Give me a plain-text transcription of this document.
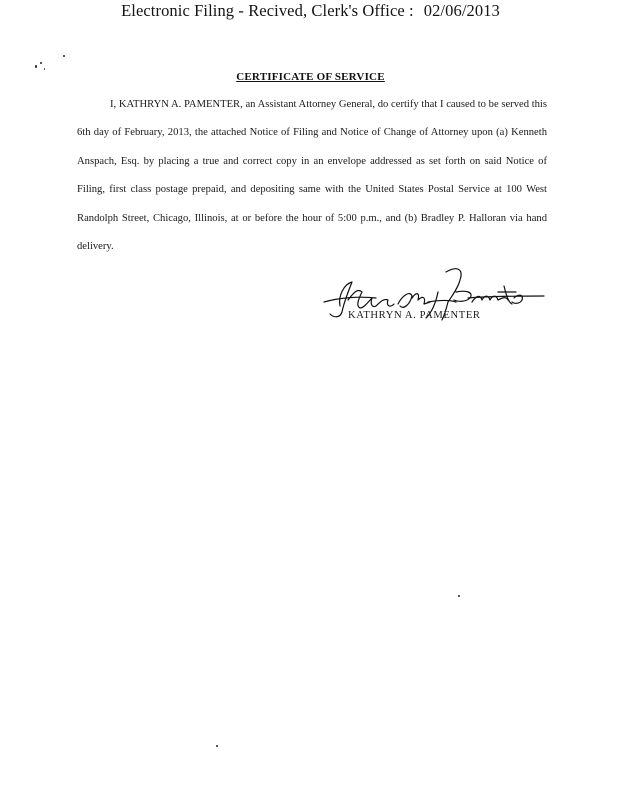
Electronic Filing - Recived, Clerk's Office : 02/06/2013
CERTIFICATE OF SERVICE
I, KATHRYN A. PAMENTER, an Assistant Attorney General, do certify that I caused to be served this 6th day of February, 2013, the attached Notice of Filing and Notice of Change of Attorney upon (a) Kenneth Anspach, Esq. by placing a true and correct copy in an envelope addressed as set forth on said Notice of Filing, first class postage prepaid, and depositing same with the United States Postal Service at 100 West Randolph Street, Chicago, Illinois, at or before the hour of 5:00 p.m., and (b) Bradley P. Halloran via hand delivery.
KATHRYN A. PAMENTER
